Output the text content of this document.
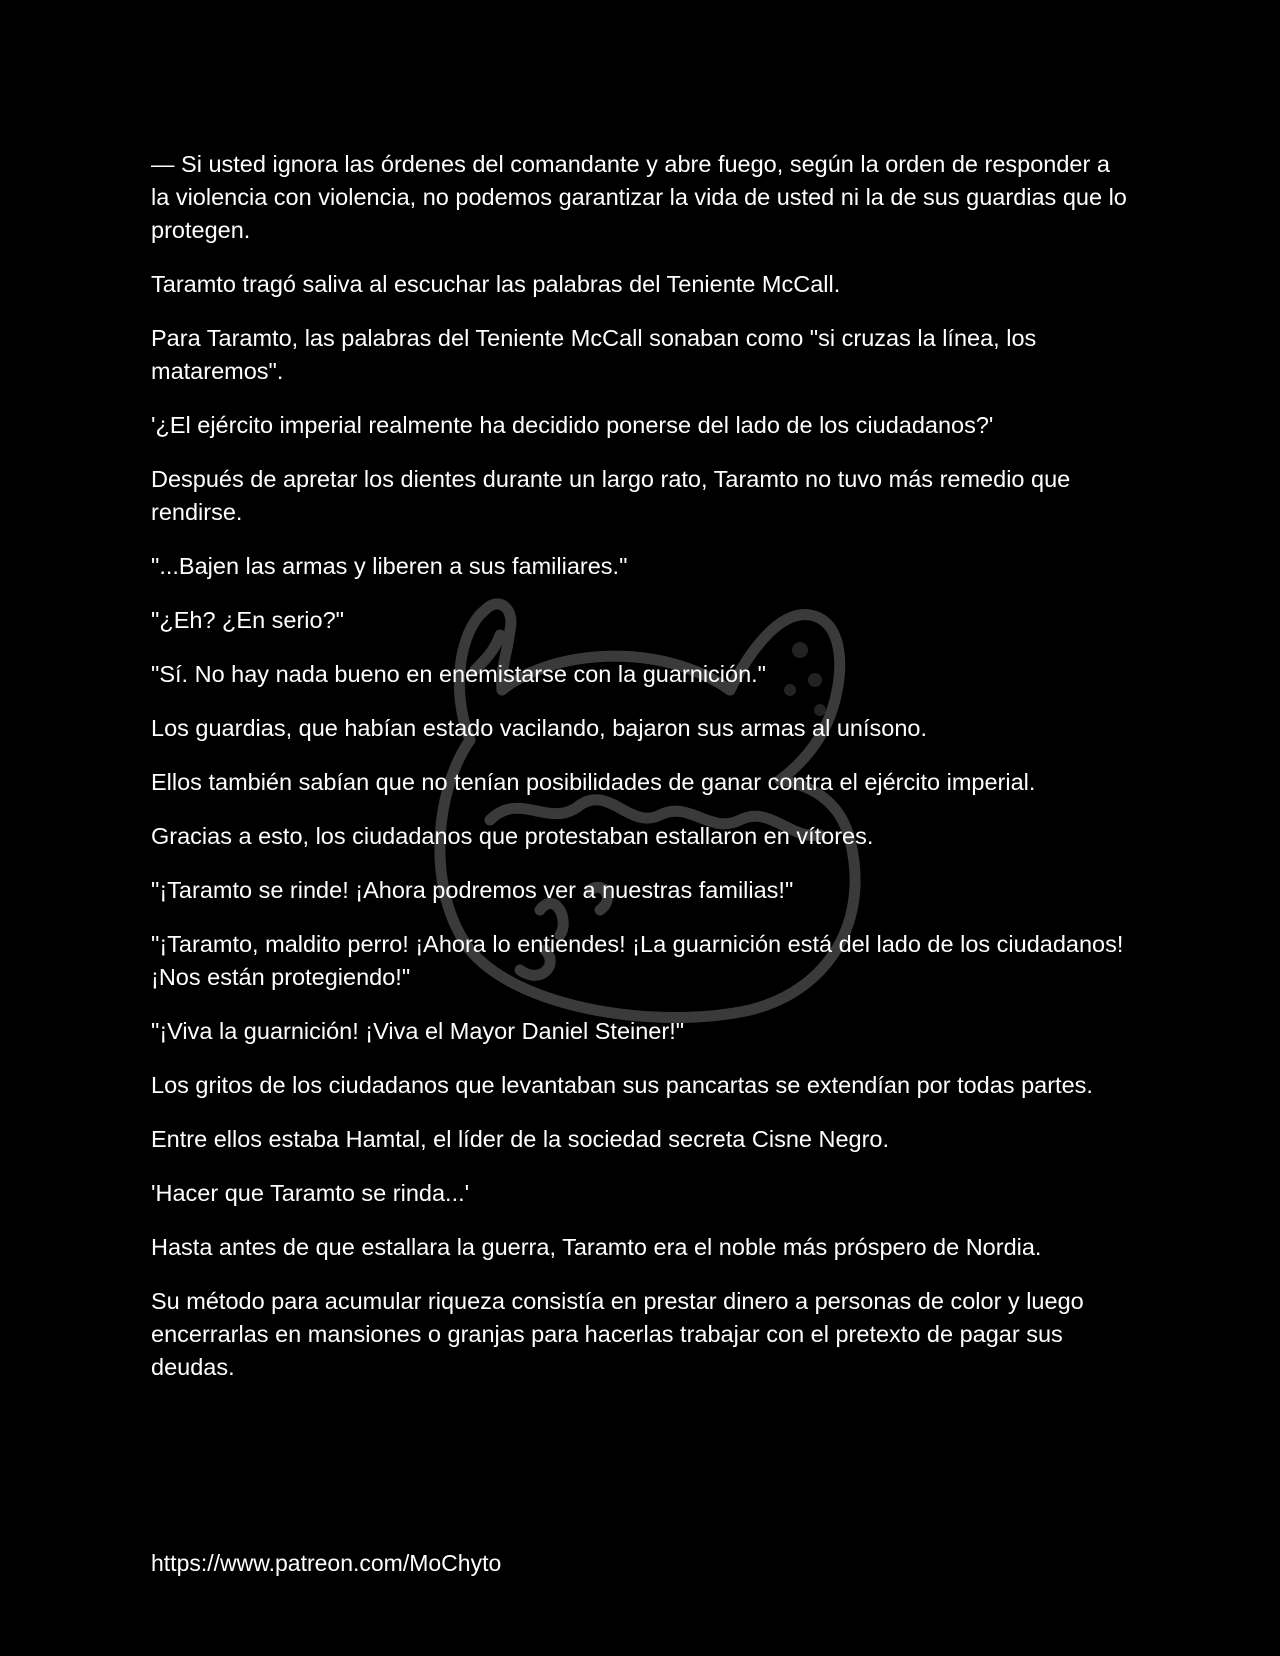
— Si usted ignora las órdenes del comandante y abre fuego, según la orden de responder a la violencia con violencia, no podemos garantizar la vida de usted ni la de sus guardias que lo protegen.

Taramto tragó saliva al escuchar las palabras del Teniente McCall.

Para Taramto, las palabras del Teniente McCall sonaban como "si cruzas la línea, los mataremos".

'¿El ejército imperial realmente ha decidido ponerse del lado de los ciudadanos?'

Después de apretar los dientes durante un largo rato, Taramto no tuvo más remedio que rendirse.

"...Bajen las armas y liberen a sus familiares."

"¿Eh? ¿En serio?"

"Sí. No hay nada bueno en enemistarse con la guarnición."

Los guardias, que habían estado vacilando, bajaron sus armas al unísono.

Ellos también sabían que no tenían posibilidades de ganar contra el ejército imperial.

Gracias a esto, los ciudadanos que protestaban estallaron en vítores.

"¡Taramto se rinde! ¡Ahora podremos ver a nuestras familias!"

"¡Taramto, maldito perro! ¡Ahora lo entiendes! ¡La guarnición está del lado de los ciudadanos! ¡Nos están protegiendo!"

"¡Viva la guarnición! ¡Viva el Mayor Daniel Steiner!"

Los gritos de los ciudadanos que levantaban sus pancartas se extendían por todas partes.

Entre ellos estaba Hamtal, el líder de la sociedad secreta Cisne Negro.

'Hacer que Taramto se rinda...'

Hasta antes de que estallara la guerra, Taramto era el noble más próspero de Nordia.

Su método para acumular riqueza consistía en prestar dinero a personas de color y luego encerrarlas en mansiones o granjas para hacerlas trabajar con el pretexto de pagar sus deudas.

https://www.patreon.com/MoChyto
